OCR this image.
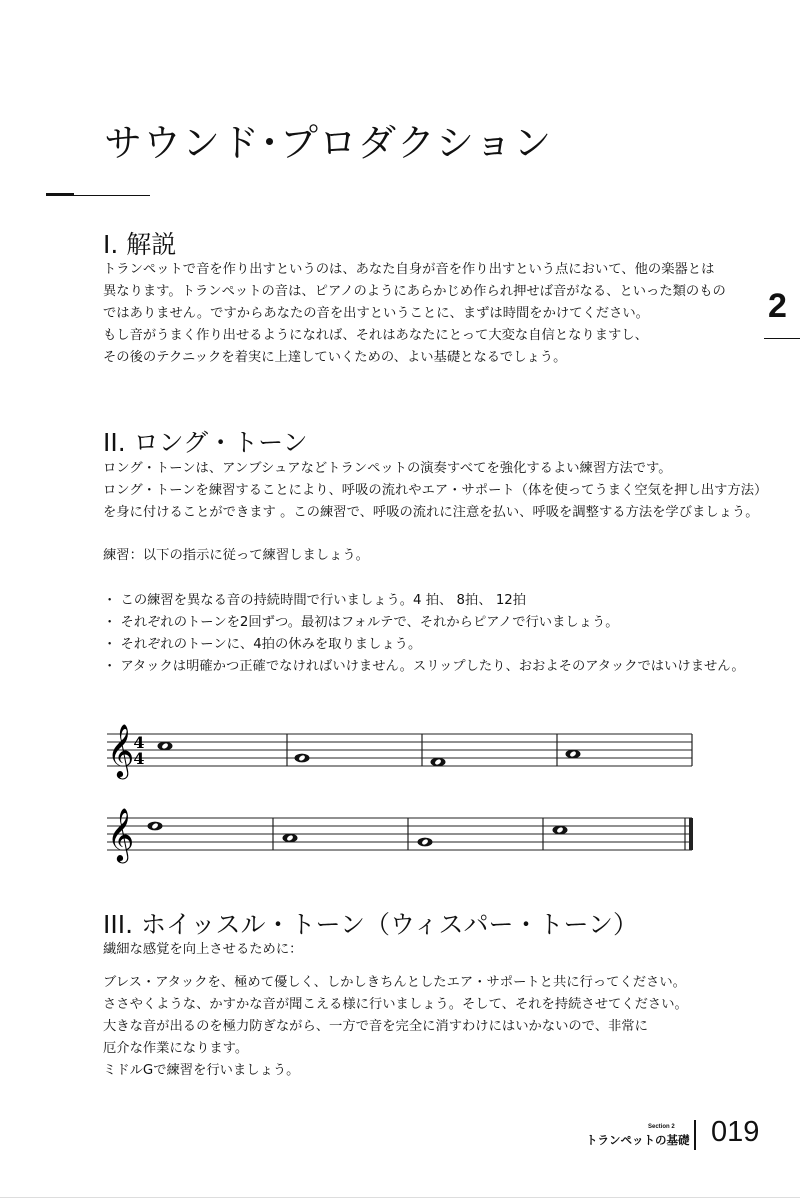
サウンド･プロダクション
2
I. 解説
トランペットで音を作り出すというのは、あなた自身が音を作り出すという点において、他の楽器とは
異なります。トランペットの音は、ピアノのようにあらかじめ作られ押せば音がなる、といった類のもの
ではありません。ですからあなたの音を出すということに、まずは時間をかけてください。
もし音がうまく作り出せるようになれば、それはあなたにとって大変な自信となりますし、
その後のテクニックを着実に上達していくための、よい基礎となるでしょう。
II. ロング・トーン
ロング・トーンは、アンブシュアなどトランペットの演奏すべてを強化するよい練習方法です。
ロング・トーンを練習することにより、呼吸の流れやエア・サポート（体を使ってうまく空気を押し出す方法）
を身に付けることができます 。この練習で、呼吸の流れに注意を払い、呼吸を調整する方法を学びましょう。
練習：以下の指示に従って練習しましょう。
・ この練習を異なる音の持続時間で行いましょう。4 拍、 8拍、 12拍
・ それぞれのトーンを2回ずつ。最初はフォルテで、それからピアノで行いましょう。
・ それぞれのトーンに、4拍の休みを取りましょう。
・ アタックは明確かつ正確でなければいけません。スリップしたり、おおよそのアタックではいけません。
𝄞 4
4
𝄞
III. ホイッスル・トーン（ウィスパー・トーン）
繊細な感覚を向上させるために：
ブレス・アタックを、極めて優しく、しかしきちんとしたエア・サポートと共に行ってください。
ささやくような、かすかな音が聞こえる様に行いましょう。そして、それを持続させてください。
大きな音が出るのを極力防ぎながら、一方で音を完全に消すわけにはいかないので、非常に
厄介な作業になります。
ミドルGで練習を行いましょう。
Section 2
トランペットの基礎 019
